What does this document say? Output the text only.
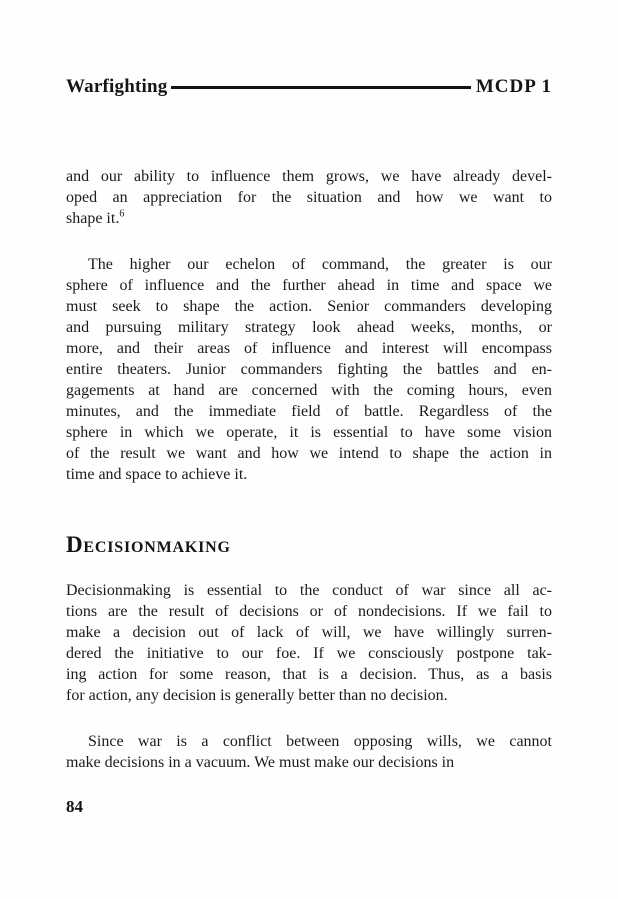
Warfighting	MCDP 1
and our ability to influence them grows, we have already devel-
oped an appreciation for the situation and how we want to
shape it.$^6$
The higher our echelon of command, the greater is our
sphere of influence and the further ahead in time and space we
must seek to shape the action. Senior commanders developing
and pursuing military strategy look ahead weeks, months, or
more, and their areas of influence and interest will encompass
entire theaters. Junior commanders fighting the battles and en-
gagements at hand are concerned with the coming hours, even
minutes, and the immediate field of battle. Regardless of the
sphere in which we operate, it is essential to have some vision
of the result we want and how we intend to shape the action in
time and space to achieve it.
Decisionmaking
Decisionmaking is essential to the conduct of war since all ac-
tions are the result of decisions or of nondecisions. If we fail to
make a decision out of lack of will, we have willingly surren-
dered the initiative to our foe. If we consciously postpone tak-
ing action for some reason, that is a decision. Thus, as a basis
for action, any decision is generally better than no decision.
Since war is a conflict between opposing wills, we cannot
make decisions in a vacuum. We must make our decisions in
84
